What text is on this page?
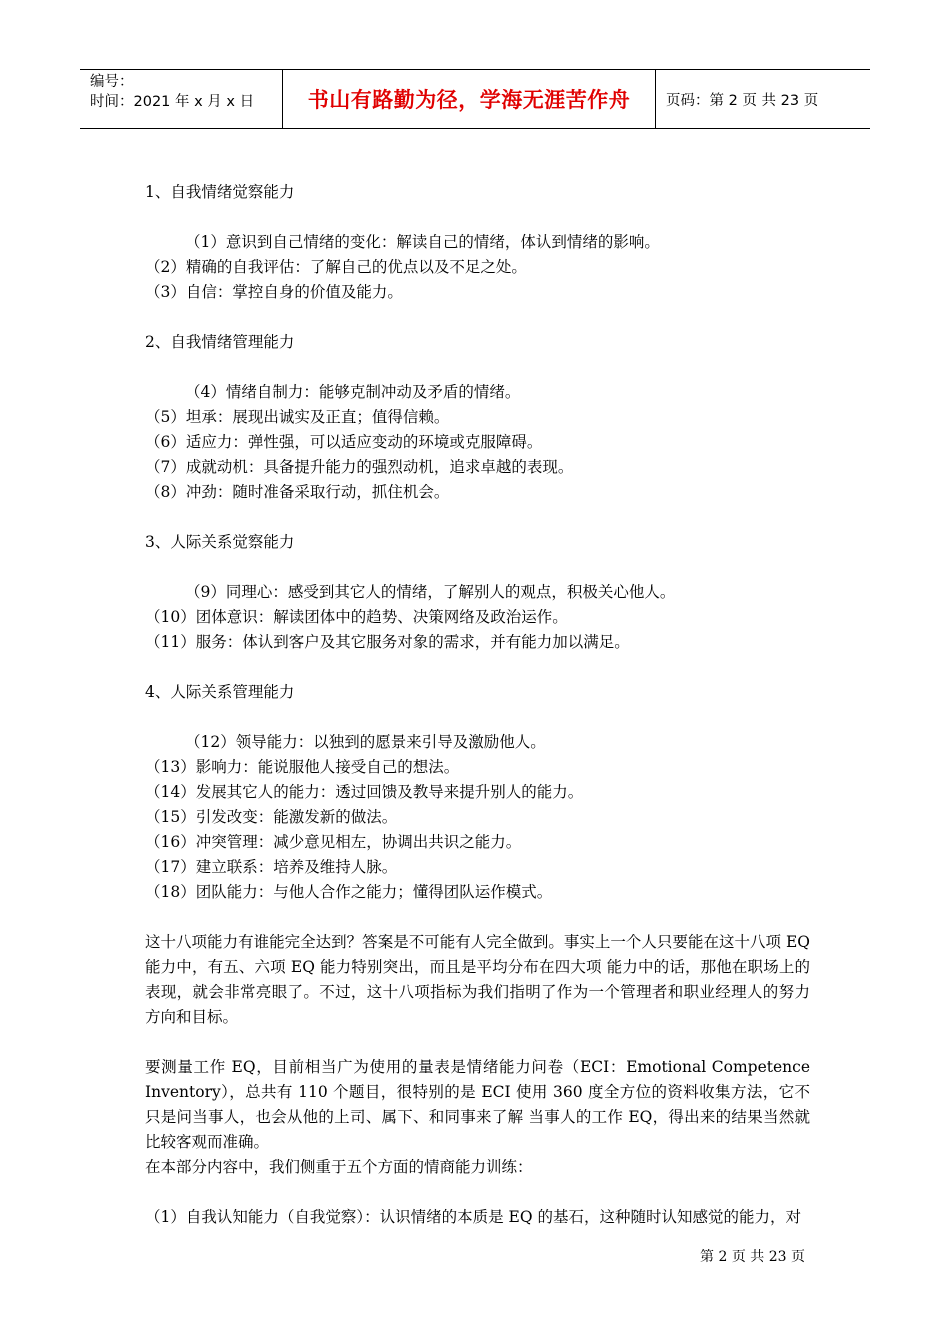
编号：
时间：2021 年 x 月 x 日	书山有路勤为径，学海无涯苦作舟 页码：第 2 页 共 23 页
1、自我情绪觉察能力
（1）意识到自己情绪的变化：解读自己的情绪，体认到情绪的影响。
（2）精确的自我评估：了解自己的优点以及不足之处。
（3）自信：掌控自身的价值及能力。
2、自我情绪管理能力
（4）情绪自制力：能够克制冲动及矛盾的情绪。
（5）坦承：展现出诚实及正直；值得信赖。
（6）适应力：弹性强，可以适应变动的环境或克服障碍。
（7）成就动机：具备提升能力的强烈动机，追求卓越的表现。
（8）冲劲：随时准备采取行动，抓住机会。
3、人际关系觉察能力
（9）同理心：感受到其它人的情绪，了解别人的观点，积极关心他人。
（10）团体意识：解读团体中的趋势、决策网络及政治运作。
（11）服务：体认到客户及其它服务对象的需求，并有能力加以满足。
4、人际关系管理能力
（12）领导能力：以独到的愿景来引导及激励他人。
（13）影响力：能说服他人接受自己的想法。
（14）发展其它人的能力：透过回馈及教导来提升别人的能力。
（15）引发改变：能激发新的做法。
（16）冲突管理：减少意见相左，协调出共识之能力。
（17）建立联系：培养及维持人脉。
（18）团队能力：与他人合作之能力；懂得团队运作模式。
这十八项能力有谁能完全达到？答案是不可能有人完全做到。事实上一个人只要能在这十八项 EQ 能力中，有五、六项 EQ 能力特别突出，而且是平均分布在四大项 能力中的话，那他在职场上的表现，就会非常亮眼了。不过，这十八项指标为我们指明了作为一个管理者和职业经理人的努力方向和目标。
要测量工作 EQ，目前相当广为使用的量表是情绪能力问卷（ECI：Emotional Competence Inventory），总共有 110 个题目，很特别的是 ECI 使用 360 度全方位的资料收集方法，它不只是问当事人，也会从他的上司、属下、和同事来了解 当事人的工作 EQ，得出来的结果当然就比较客观而准确。
在本部分内容中，我们侧重于五个方面的情商能力训练：
（1）自我认知能力（自我觉察）：认识情绪的本质是 EQ 的基石，这种随时认知感觉的能力，对
第 2 页 共 23 页
